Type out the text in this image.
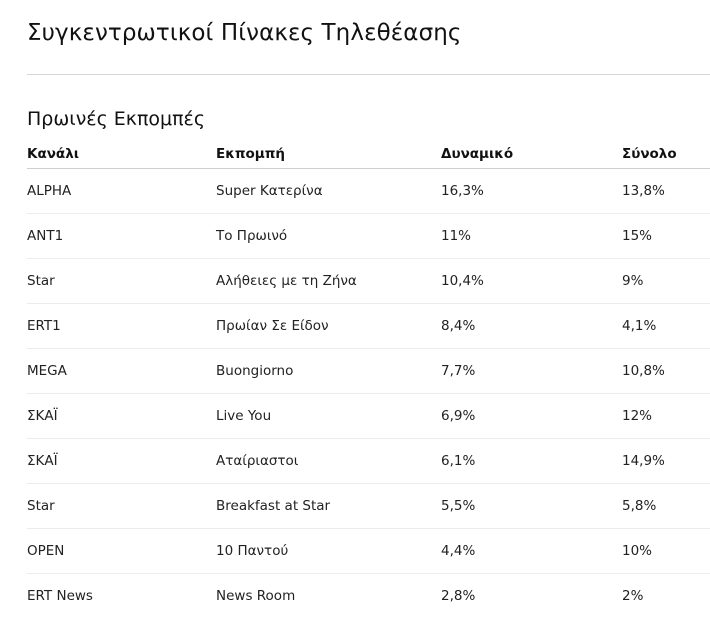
Συγκεντρωτικοί Πίνακες Τηλεθέασης
Πρωινές Εκπομπές
Κανάλι	Εκπομπή	Δυναμικό	Σύνολο
ALPHA	Super Κατερίνα	16,3%	13,8%
ΑΝΤ1	Το Πρωινό	11%	15%
Star	Αλήθειες με τη Ζήνα	10,4%	9%
ERT1	Πρωίαν Σε Είδον	8,4%	4,1%
MEGA	Buongiorno	7,7%	10,8%
ΣΚΑΪ	Live You	6,9%	12%
ΣΚΑΪ	Αταίριαστοι	6,1%	14,9%
Star	Breakfast at Star	5,5%	5,8%
OPEN	10 Παντού	4,4%	10%
ERT News	News Room	2,8%	2%
